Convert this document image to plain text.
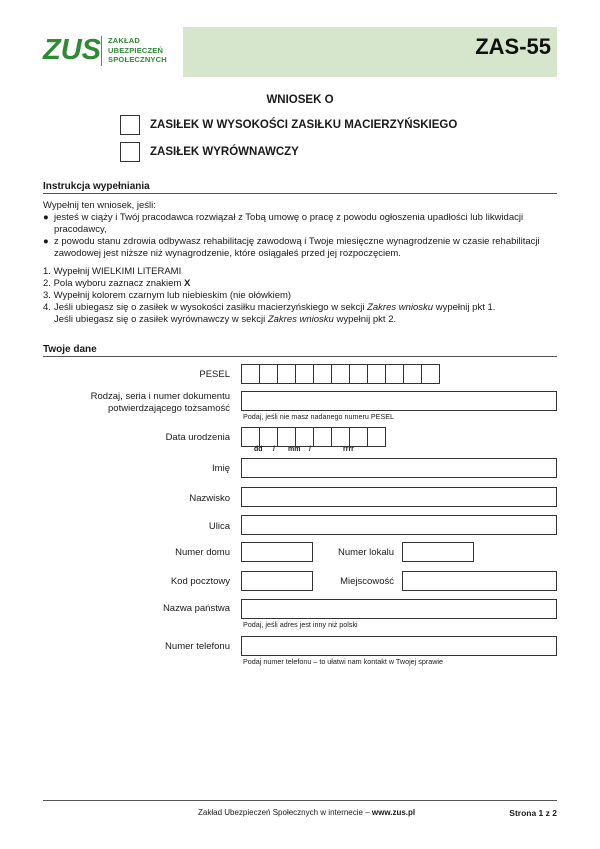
ZUS ZAKŁAD
UBEZPIECZEŃ
SPOŁECZNYCH
ZAS-55
WNIOSEK O
ZASIŁEK W WYSOKOŚCI ZASIŁKU MACIERZYŃSKIEGO
ZASIŁEK WYRÓWNAWCZY
Instrukcja wypełniania
Wypełnij ten wniosek, jeśli:
● jesteś w ciąży i Twój pracodawca rozwiązał z Tobą umowę o pracę z powodu ogłoszenia upadłości lub likwidacji
pracodawcy,
● z powodu stanu zdrowia odbywasz rehabilitację zawodową i Twoje miesięczne wynagrodzenie w czasie rehabilitacji
zawodowej jest niższe niż wynagrodzenie, które osiągałeś przed jej rozpoczęciem.
1. Wypełnij WIELKIMI LITERAMI
2. Pola wyboru zaznacz znakiem X
3. Wypełnij kolorem czarnym lub niebieskim (nie ołówkiem)
4. Jeśli ubiegasz się o zasiłek w wysokości zasiłku macierzyńskiego w sekcji Zakres wniosku wypełnij pkt 1.
Jeśli ubiegasz się o zasiłek wyrównawczy w sekcji Zakres wniosku wypełnij pkt 2.
Twoje dane
PESEL
Rodzaj, seria i numer dokumentu
potwierdzającego tożsamość
Podaj, jeśli nie masz nadanego numeru PESEL
Data urodzenia
dd / mm /	rrrr
Imię
Nazwisko
Ulica
Numer domu	Numer lokalu
Kod pocztowy	Miejscowość
Nazwa państwa
Podaj, jeśli adres jest inny niż polski
Numer telefonu
Podaj numer telefonu – to ułatwi nam kontakt w Twojej sprawie
Zakład Ubezpieczeń Społecznych w internecie – www.zus.pl	Strona 1 z 2
